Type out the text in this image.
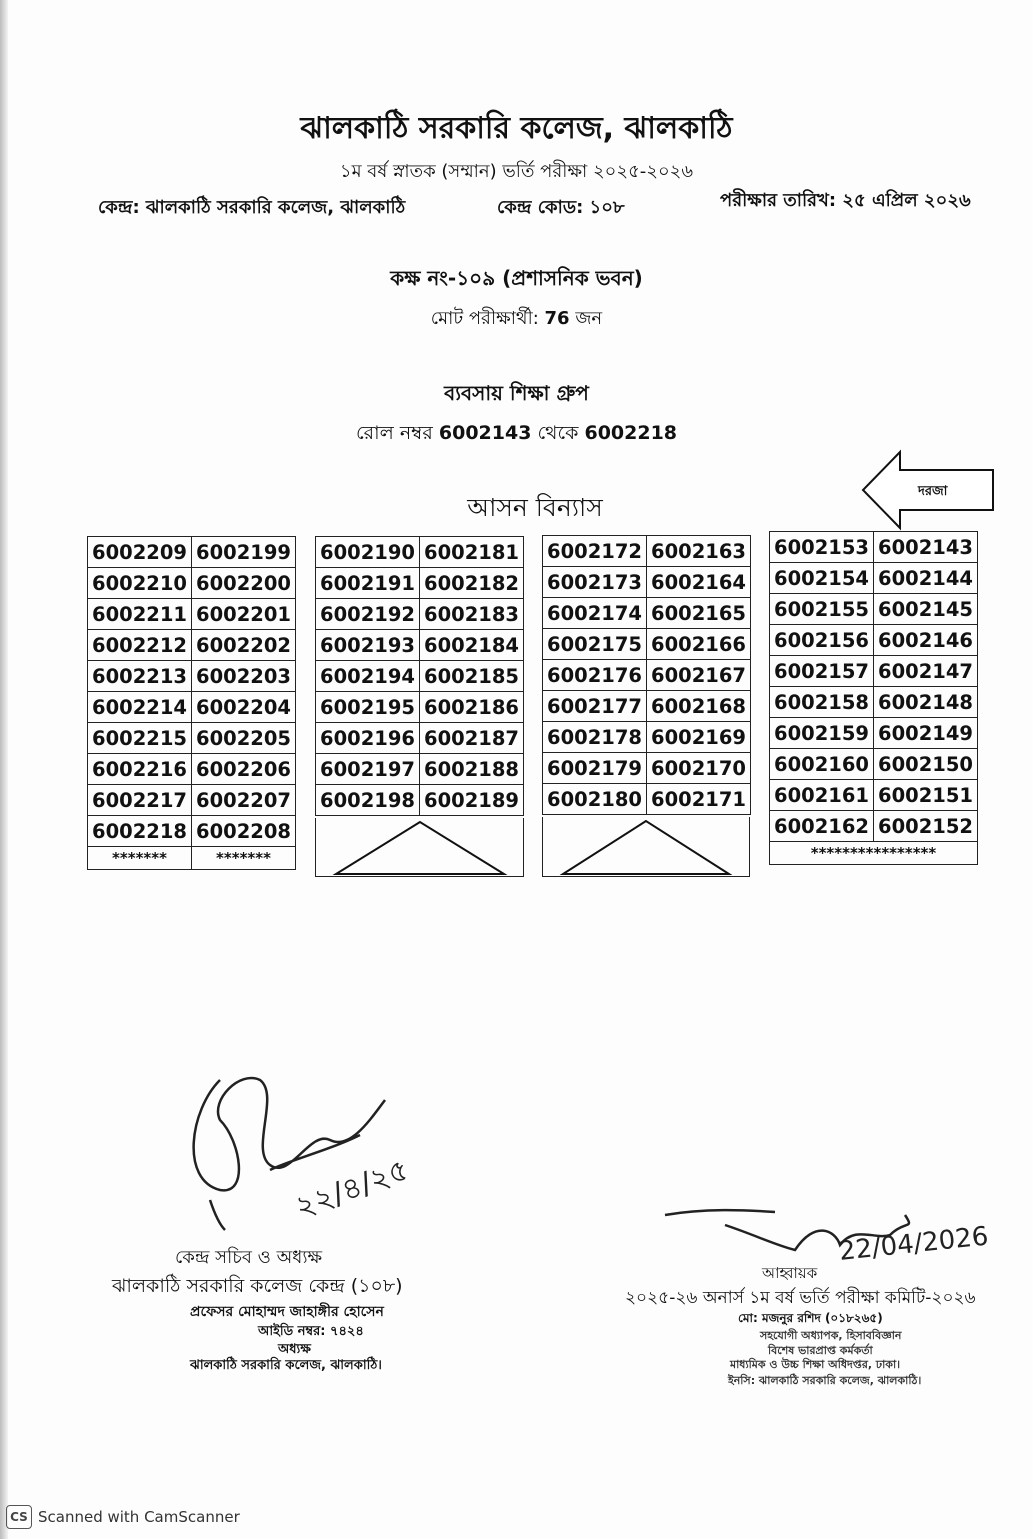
ঝালকাঠি সরকারি কলেজ, ঝালকাঠি
১ম বর্ষ স্নাতক (সম্মান) ভর্তি পরীক্ষা ২০২৫-২০২৬
কেন্দ্র: ঝালকাঠি সরকারি কলেজ, ঝালকাঠি	কেন্দ্র কোড: ১০৮	পরীক্ষার তারিখ: ২৫ এপ্রিল ২০২৬
কক্ষ নং-১০৯ (প্রশাসনিক ভবন)
মোট পরীক্ষার্থী: 76 জন
ব্যবসায় শিক্ষা গ্রুপ
রোল নম্বর 6002143 থেকে 6002218
আসন বিন্যাস
দরজা
6002209	6002199
6002210	6002200
6002211	6002201
6002212	6002202
6002213	6002203
6002214	6002204
6002215	6002205
6002216	6002206
6002217	6002207
6002218	6002208
*******	*******
6002190	6002181
6002191	6002182
6002192	6002183
6002193	6002184
6002194	6002185
6002195	6002186
6002196	6002187
6002197	6002188
6002198	6002189
6002172	6002163
6002173	6002164
6002174	6002165
6002175	6002166
6002176	6002167
6002177	6002168
6002178	6002169
6002179	6002170
6002180	6002171
6002153	6002143
6002154	6002144
6002155	6002145
6002156	6002146
6002157	6002147
6002158	6002148
6002159	6002149
6002160	6002150
6002161	6002151
6002162	6002152
****************	
২২/৪/২৫
কেন্দ্র সচিব ও অধ্যক্ষ
ঝালকাঠি সরকারি কলেজ কেন্দ্র (১০৮)
প্রফেসর মোহাম্মদ জাহাঙ্গীর হোসেন
আইডি নম্বর: ৭৪২৪
অধ্যক্ষ
ঝালকাঠি সরকারি কলেজ, ঝালকাঠি।
22/04/2026
আহ্বায়ক
২০২৫-২৬ অনার্স ১ম বর্ষ ভর্তি পরীক্ষা কমিটি-২০২৬
মো: মজনুর রশিদ (০১৮২৬৫)
সহযোগী অধ্যাপক, হিসাববিজ্ঞান
বিশেষ ভারপ্রাপ্ত কর্মকর্তা
মাধ্যমিক ও উচ্চ শিক্ষা অধিদপ্তর, ঢাকা।
ইনসি: ঝালকাঠি সরকারি কলেজ, ঝালকাঠি।
CS Scanned with CamScanner
